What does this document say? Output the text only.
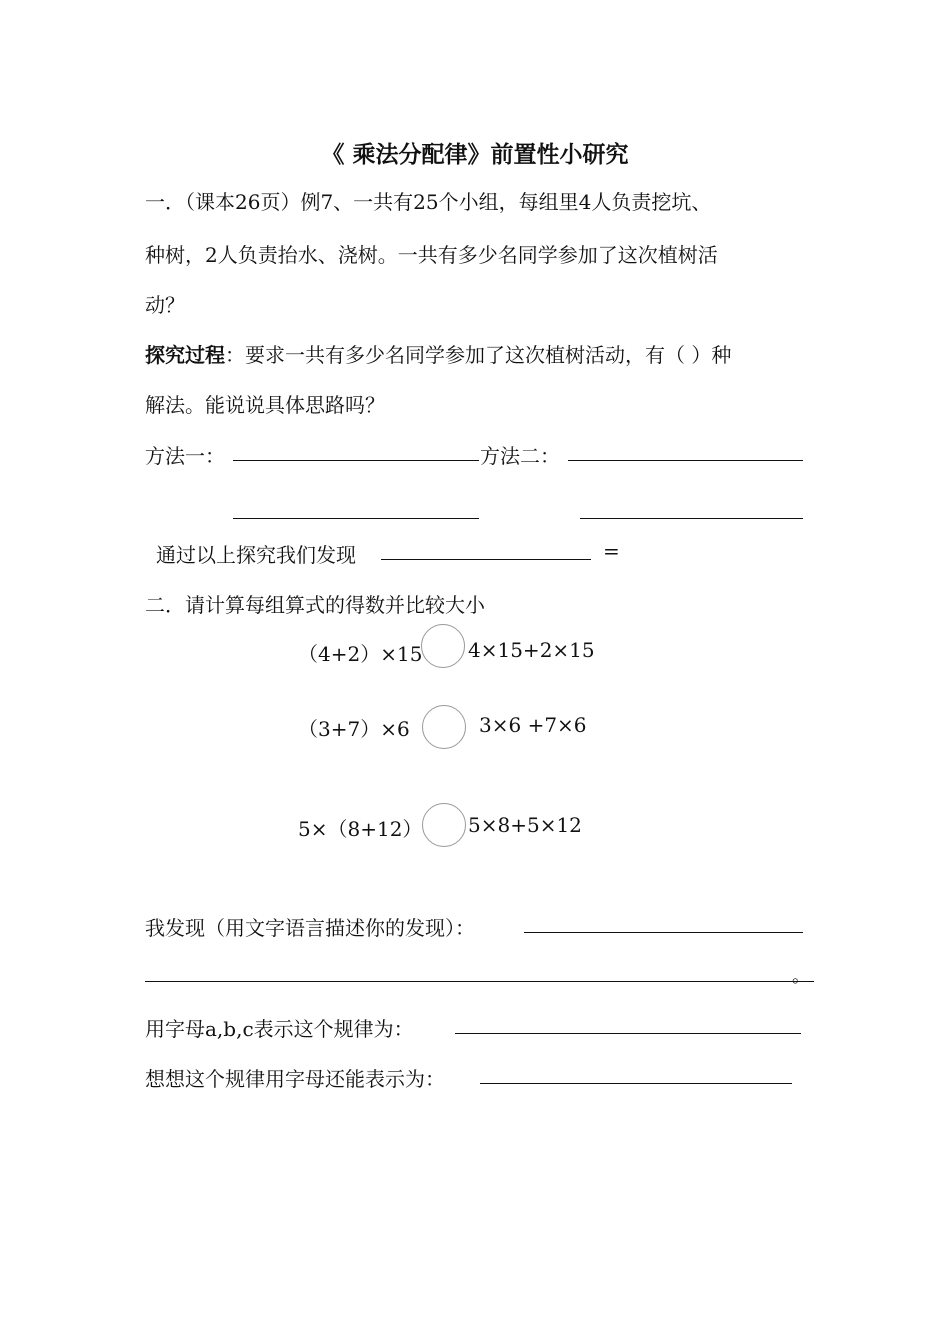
《 乘法分配律》前置性小研究
一．（课本26页）例7、一共有25个小组，每组里4人负责挖坑、
种树，2人负责抬水、浇树。一共有多少名同学参加了这次植树活
动？
探究过程：要求一共有多少名同学参加了这次植树活动，有（ ）种
解法。能说说具体思路吗？
方法一：	方法二：
通过以上探究我们发现	=
二．请计算每组算式的得数并比较大小
（4+2）×15 4×15+2×15
（3+7）×6	3×6 +7×6
5×（8+12） 5×8+5×12
我发现（用文字语言描述你的发现）：
。
用字母a,b,c表示这个规律为：
想想这个规律用字母还能表示为：
